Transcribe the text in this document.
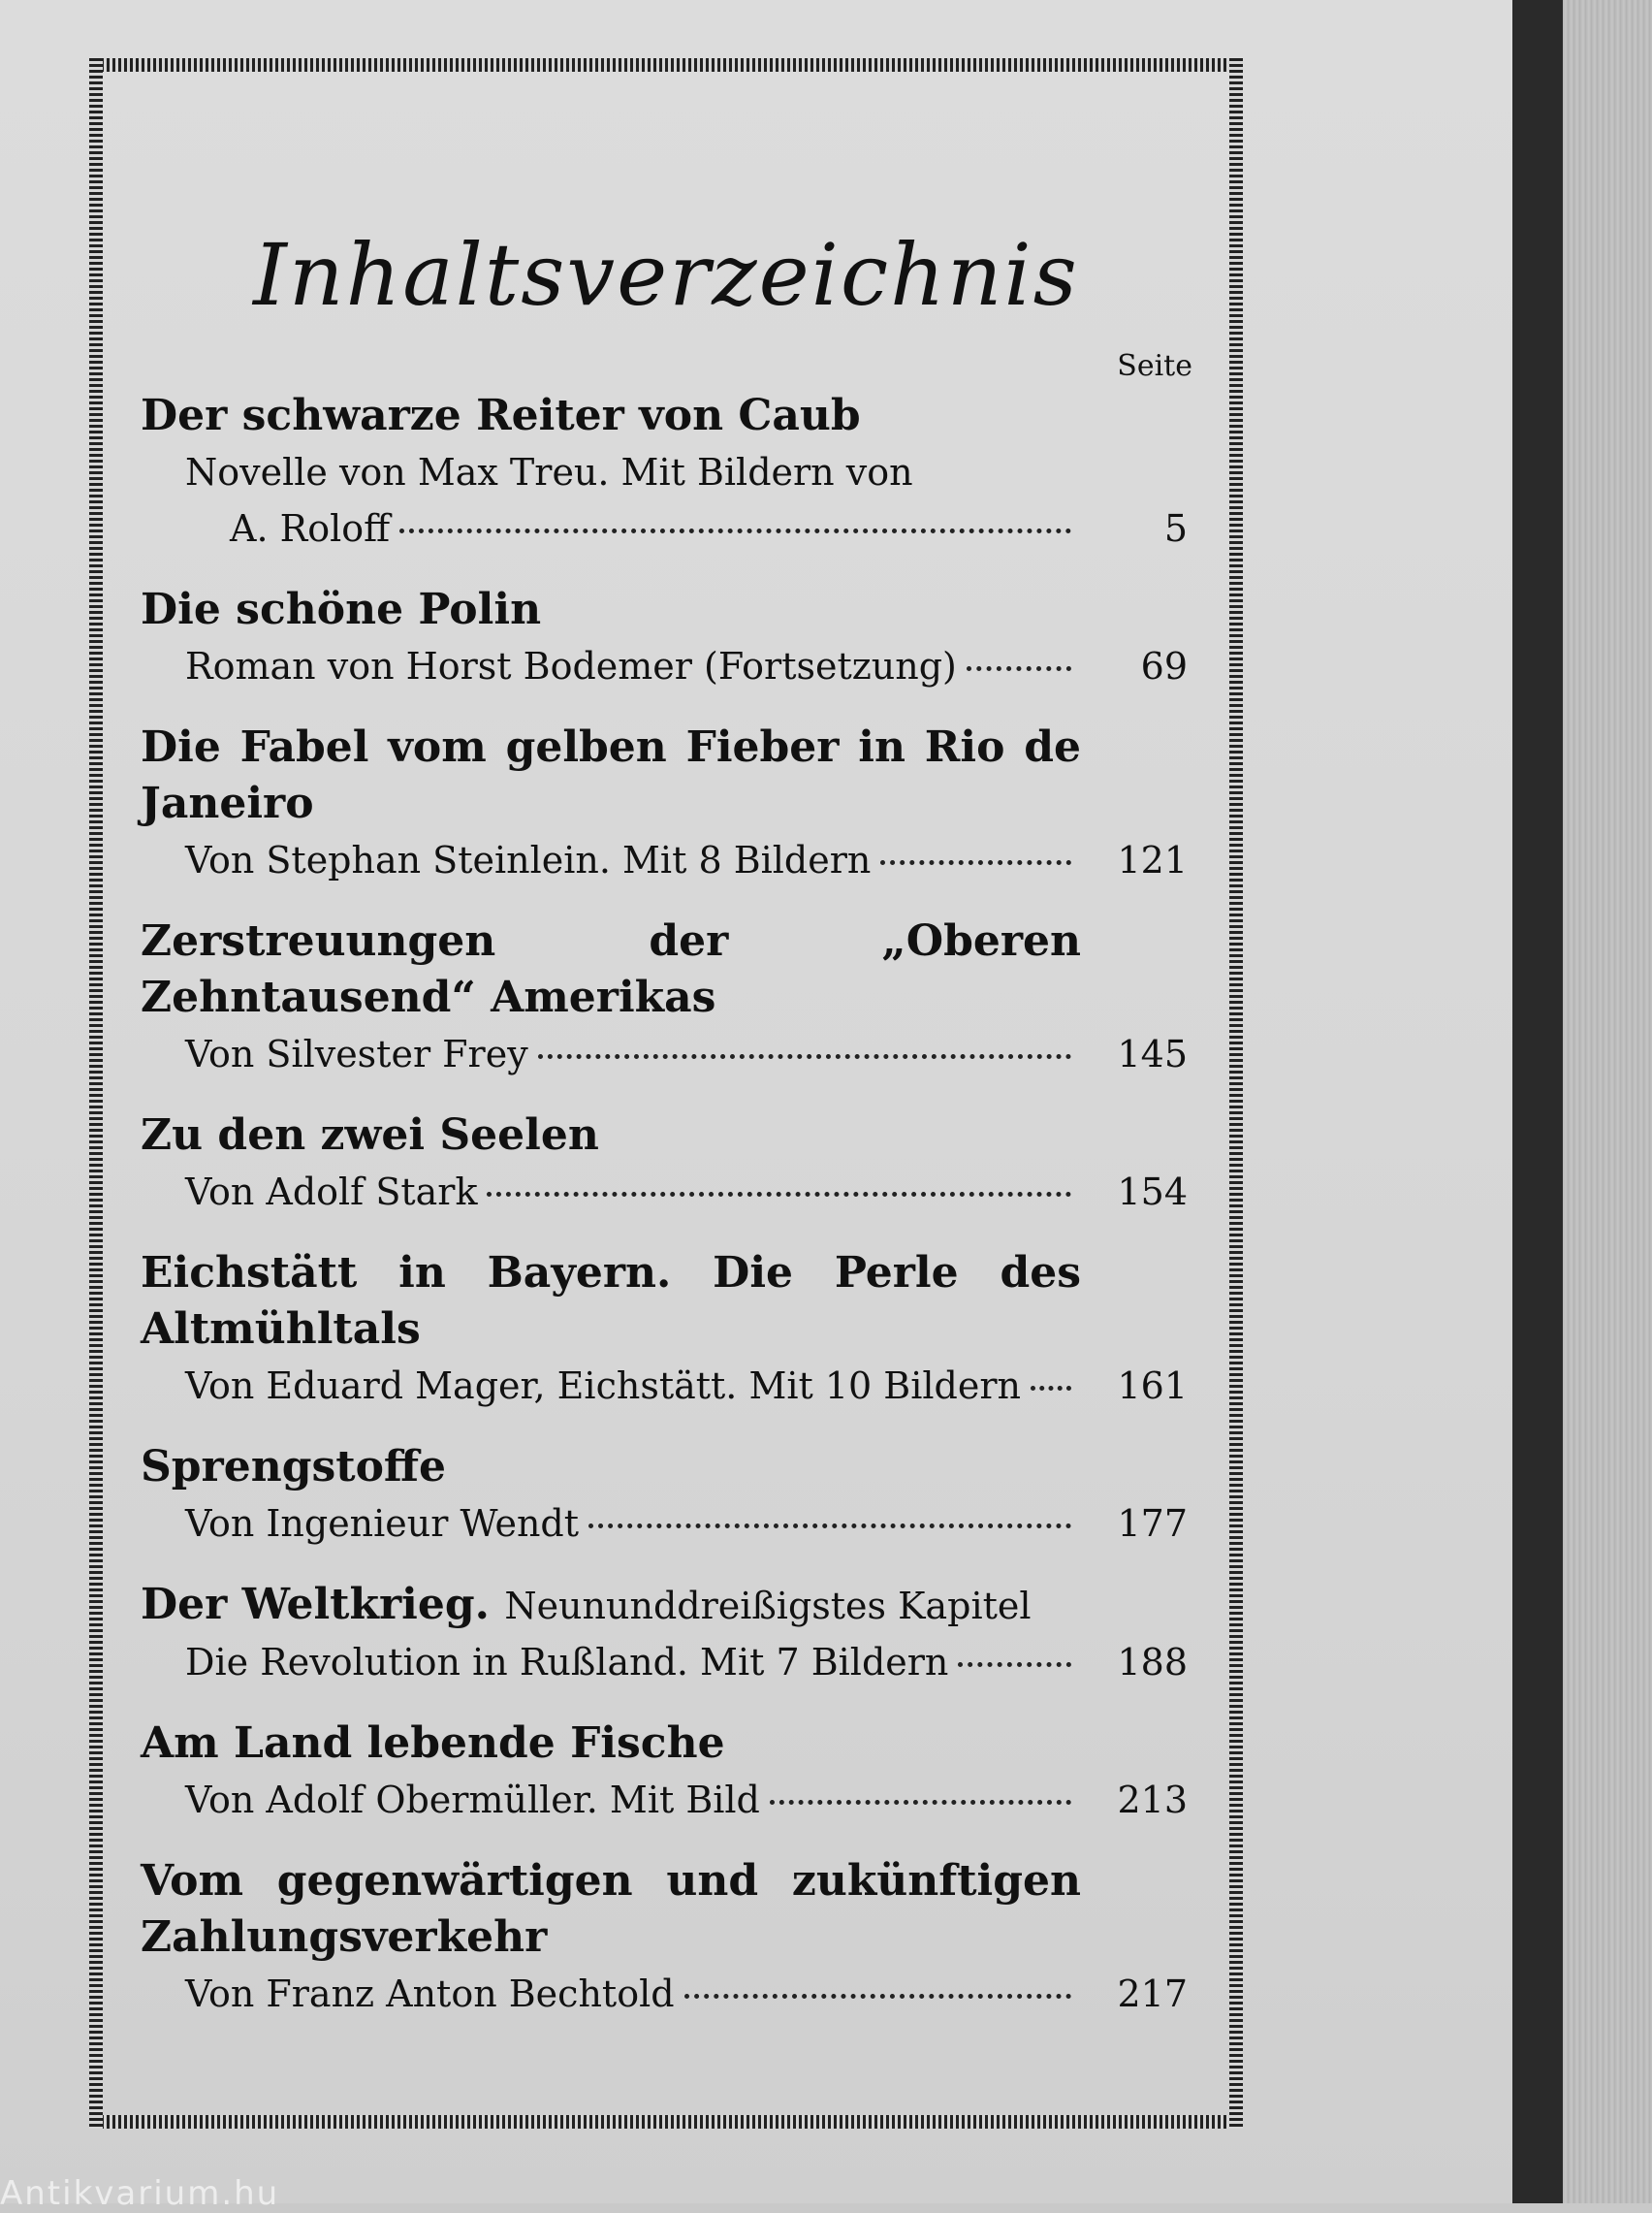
Inhaltsverzeichnis
Seite
Der schwarze Reiter von Caub
Novelle von Max Treu. Mit Bildern von
A. Roloff	5
Die schöne Polin
Roman von Horst Bodemer (Fortsetzung)	69
Die Fabel vom gelben Fieber in Rio de Janeiro
Von Stephan Steinlein. Mit 8 Bildern	121
Zerstreuungen der „Oberen Zehntausend“ Amerikas
Von Silvester Frey	145
Zu den zwei Seelen
Von Adolf Stark	154
Eichstätt in Bayern. Die Perle des Altmühltals
Von Eduard Mager, Eichstätt. Mit 10 Bildern	161
Sprengstoffe
Von Ingenieur Wendt	177
Der Weltkrieg. Neununddreißigstes Kapitel
Die Revolution in Rußland. Mit 7 Bildern	188
Am Land lebende Fische
Von Adolf Obermüller. Mit Bild	213
Vom gegenwärtigen und zukünftigen Zahlungsverkehr
Von Franz Anton Bechtold	217
Antikvarium.hu
